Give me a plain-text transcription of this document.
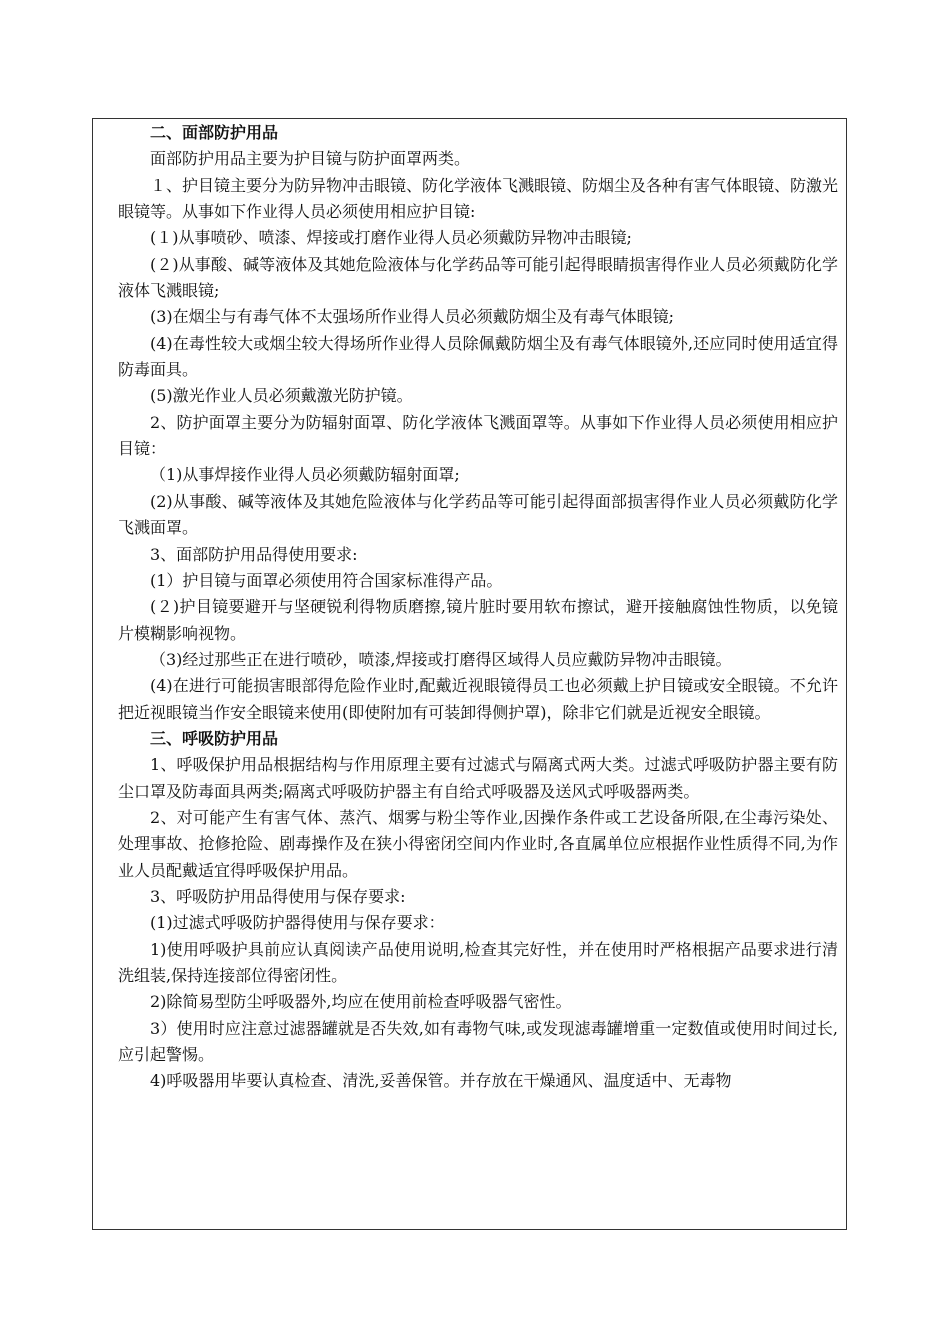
二、面部防护用品

面部防护用品主要为护目镜与防护面罩两类。

１、护目镜主要分为防异物冲击眼镜、防化学液体飞溅眼镜、防烟尘及各种有害气体眼镜、防激光眼镜等。从事如下作业得人员必须使用相应护目镜:

(１)从事喷砂、喷漆、焊接或打磨作业得人员必须戴防异物冲击眼镜;

(２)从事酸、碱等液体及其她危险液体与化学药品等可能引起得眼睛损害得作业人员必须戴防化学液体飞溅眼镜;

(3)在烟尘与有毒气体不太强场所作业得人员必须戴防烟尘及有毒气体眼镜;

(4)在毒性较大或烟尘较大得场所作业得人员除佩戴防烟尘及有毒气体眼镜外,还应同时使用适宜得防毒面具。

(5)激光作业人员必须戴激光防护镜。

2、防护面罩主要分为防辐射面罩、防化学液体飞溅面罩等。从事如下作业得人员必须使用相应护目镜：

（1)从事焊接作业得人员必须戴防辐射面罩;

(2)从事酸、碱等液体及其她危险液体与化学药品等可能引起得面部损害得作业人员必须戴防化学飞溅面罩。

3、面部防护用品得使用要求:

(1）护目镜与面罩必须使用符合国家标准得产品。

(２)护目镜要避开与坚硬锐利得物质磨擦,镜片脏时要用软布擦试，避开接触腐蚀性物质，以免镜片模糊影响视物。

（3)经过那些正在进行喷砂，喷漆,焊接或打磨得区域得人员应戴防异物冲击眼镜。

(4)在进行可能损害眼部得危险作业时,配戴近视眼镜得员工也必须戴上护目镜或安全眼镜。不允许把近视眼镜当作安全眼镜来使用(即使附加有可装卸得侧护罩)，除非它们就是近视安全眼镜。

三、呼吸防护用品

1、呼吸保护用品根据结构与作用原理主要有过滤式与隔离式两大类。过滤式呼吸防护器主要有防尘口罩及防毒面具两类;隔离式呼吸防护器主有自给式呼吸器及送风式呼吸器两类。

2、对可能产生有害气体、蒸汽、烟雾与粉尘等作业,因操作条件或工艺设备所限,在尘毒污染处、处理事故、抢修抢险、剧毒操作及在狭小得密闭空间内作业时,各直属单位应根据作业性质得不同,为作业人员配戴适宜得呼吸保护用品。

3、呼吸防护用品得使用与保存要求:

(1)过滤式呼吸防护器得使用与保存要求：

1)使用呼吸护具前应认真阅读产品使用说明,检查其完好性，并在使用时严格根据产品要求进行清洗组装,保持连接部位得密闭性。

2)除简易型防尘呼吸器外,均应在使用前检查呼吸器气密性。

3）使用时应注意过滤器罐就是否失效,如有毒物气味,或发现滤毒罐增重一定数值或使用时间过长,应引起警惕。

4)呼吸器用毕要认真检查、清洗,妥善保管。并存放在干燥通风、温度适中、无毒物
